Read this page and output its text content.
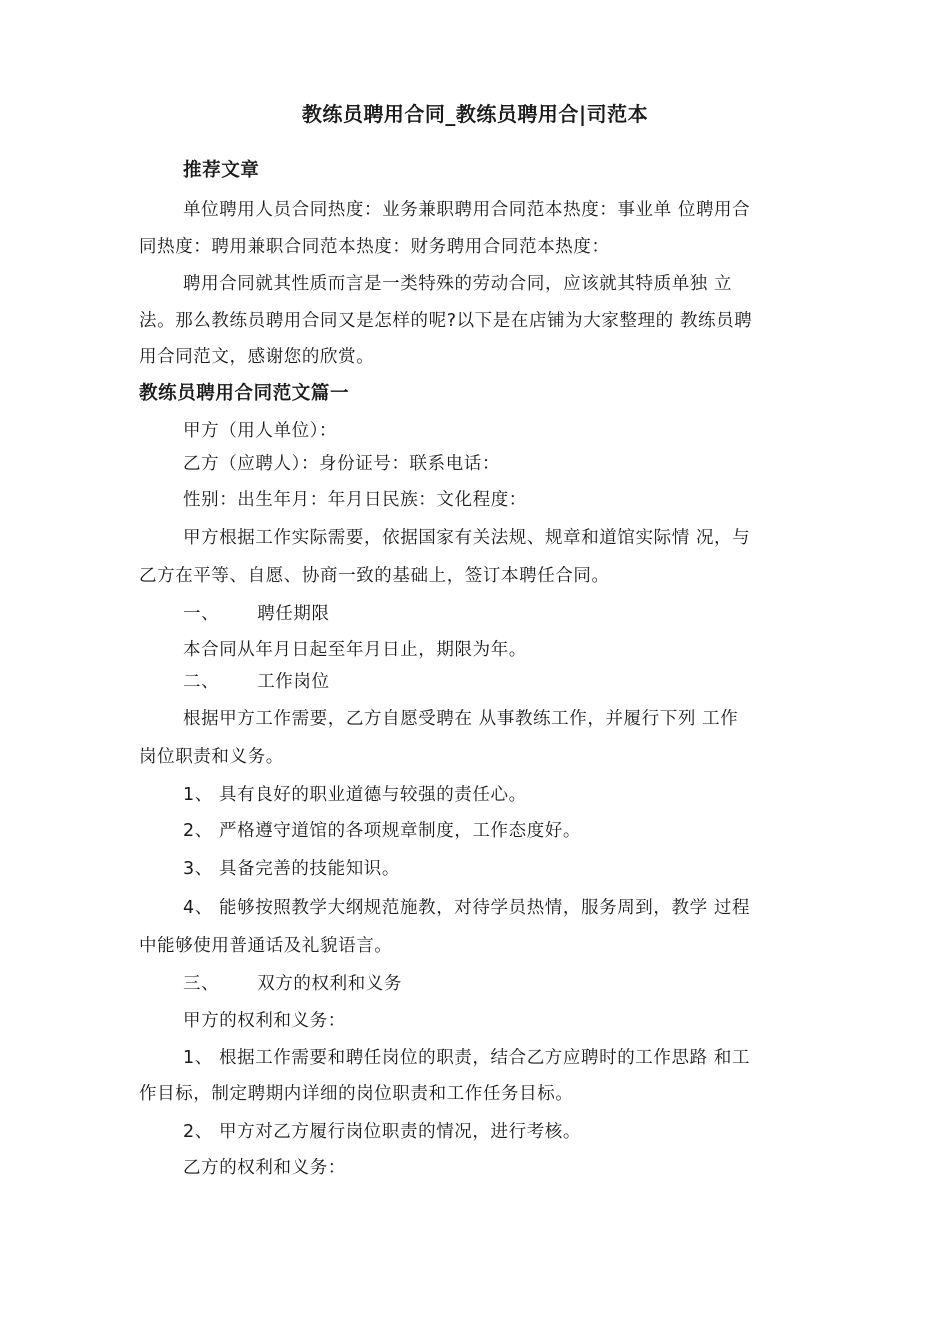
教练员聘用合同_教练员聘用合|司范本
推荐文章
单位聘用人员合同热度：业务兼职聘用合同范本热度：事业单 位聘用合
同热度：聘用兼职合同范本热度：财务聘用合同范本热度：
聘用合同就其性质而言是一类特殊的劳动合同，应该就其特质单独 立
法。那么教练员聘用合同又是怎样的呢?以下是在店铺为大家整理的 教练员聘
用合同范文，感谢您的欣赏。
教练员聘用合同范文篇一
甲方（用人单位）：
乙方（应聘人）：身份证号：联系电话：
性别：出生年月：年月日民族：文化程度：
甲方根据工作实际需要，依据国家有关法规、规章和道馆实际情 况，与
乙方在平等、自愿、协商一致的基础上，签订本聘任合同。
一、 聘任期限
本合同从年月日起至年月日止，期限为年。
二、 工作岗位
根据甲方工作需要，乙方自愿受聘在 从事教练工作，并履行下列 工作
岗位职责和义务。
1、 具有良好的职业道德与较强的责任心。
2、 严格遵守道馆的各项规章制度，工作态度好。
3、 具备完善的技能知识。
4、 能够按照教学大纲规范施教，对待学员热情，服务周到，教学 过程
中能够使用普通话及礼貌语言。
三、 双方的权利和义务
甲方的权利和义务：
1、 根据工作需要和聘任岗位的职责，结合乙方应聘时的工作思路 和工
作目标，制定聘期内详细的岗位职责和工作任务目标。
2、 甲方对乙方履行岗位职责的情况，进行考核。
乙方的权利和义务：
